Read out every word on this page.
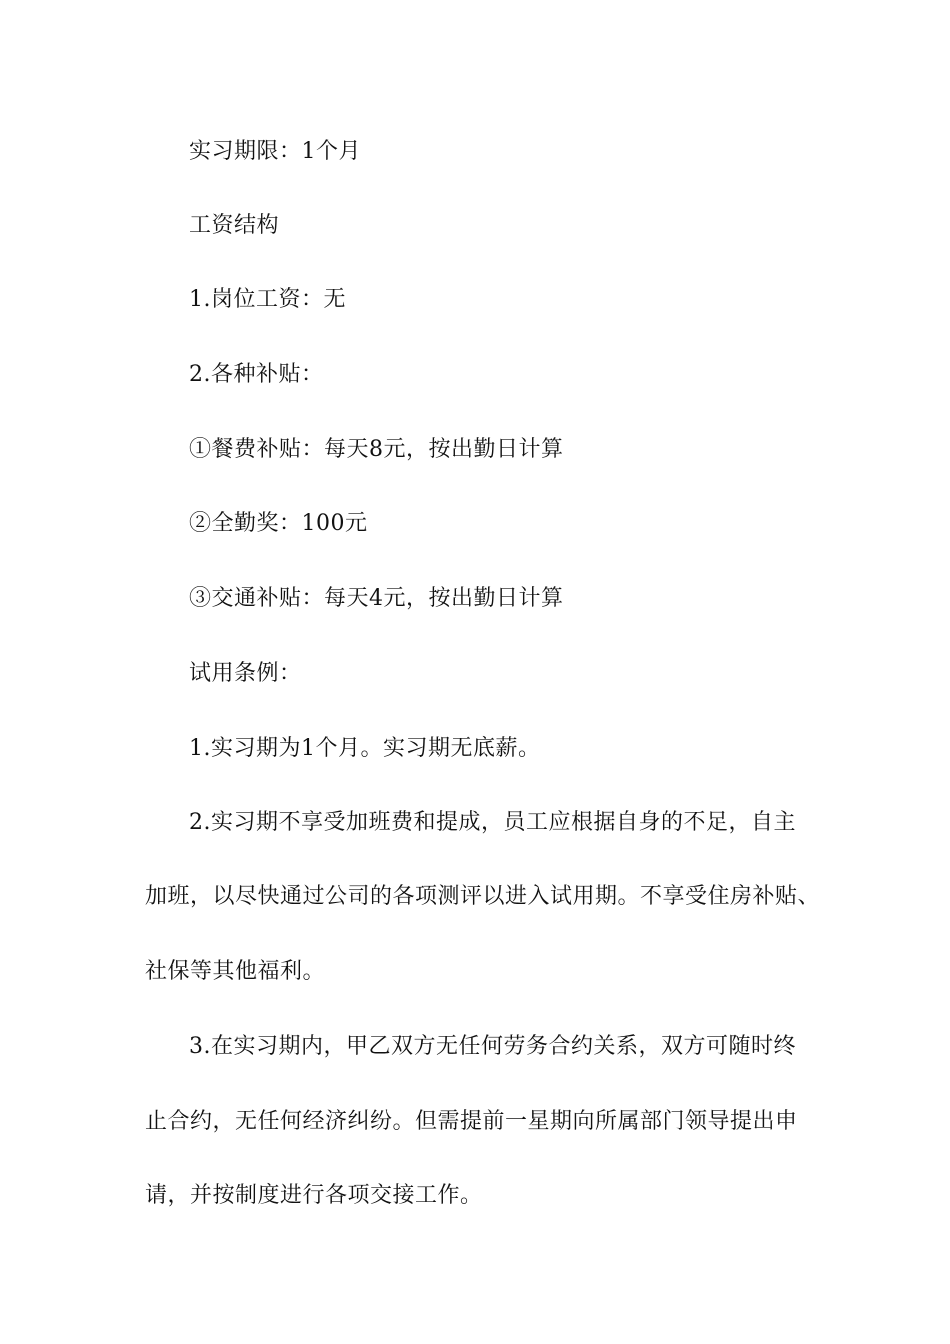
实习期限：1个月
工资结构
1.岗位工资：无
2.各种补贴：
①餐费补贴：每天8元，按出勤日计算
②全勤奖：100元
③交通补贴：每天4元，按出勤日计算
试用条例：
1.实习期为1个月。实习期无底薪。
2.实习期不享受加班费和提成，员工应根据自身的不足，自主
加班，以尽快通过公司的各项测评以进入试用期。不享受住房补贴、
社保等其他福利。
3.在实习期内，甲乙双方无任何劳务合约关系，双方可随时终
止合约，无任何经济纠纷。但需提前一星期向所属部门领导提出申
请，并按制度进行各项交接工作。
